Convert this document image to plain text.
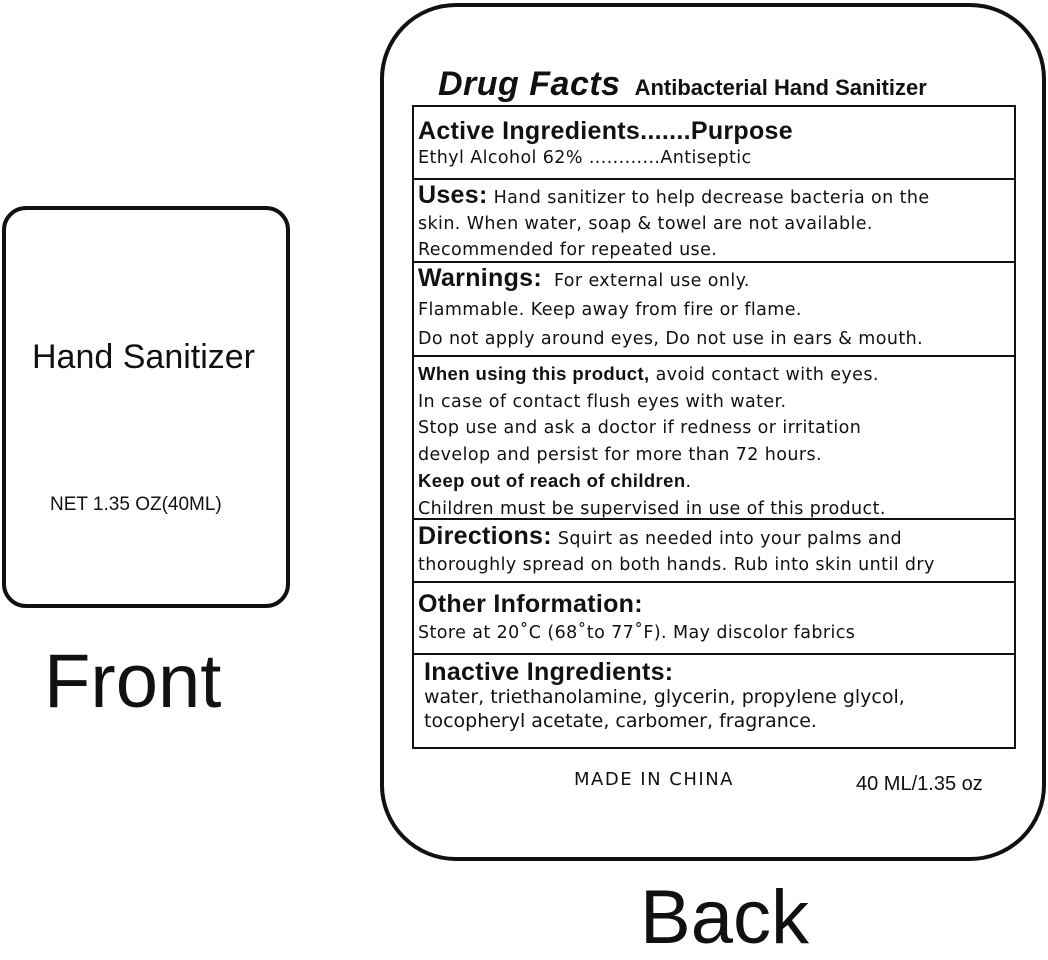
Hand Sanitizer
NET 1.35 OZ(40ML)
Front
Drug Facts Antibacterial Hand Sanitizer
Active Ingredients.......Purpose
Ethyl Alcohol 62% ............Antiseptic
Uses: Hand sanitizer to help decrease bacteria on the
skin. When water, soap & towel are not available.
Recommended for repeated use.
Warnings: For external use only.
Flammable. Keep away from fire or flame.
Do not apply around eyes, Do not use in ears & mouth.
When using this product, avoid contact with eyes.
In case of contact flush eyes with water.
Stop use and ask a doctor if redness or irritation
develop and persist for more than 72 hours.
Keep out of reach of children.
Children must be supervised in use of this product.
Directions: Squirt as needed into your palms and
thoroughly spread on both hands. Rub into skin until dry
Other Information:
Store at 20˚C (68˚to 77˚F). May discolor fabrics
Inactive Ingredients:
water, triethanolamine, glycerin, propylene glycol,
tocopheryl acetate, carbomer, fragrance.
MADE IN CHINA	40 ML/1.35 oz
Back
